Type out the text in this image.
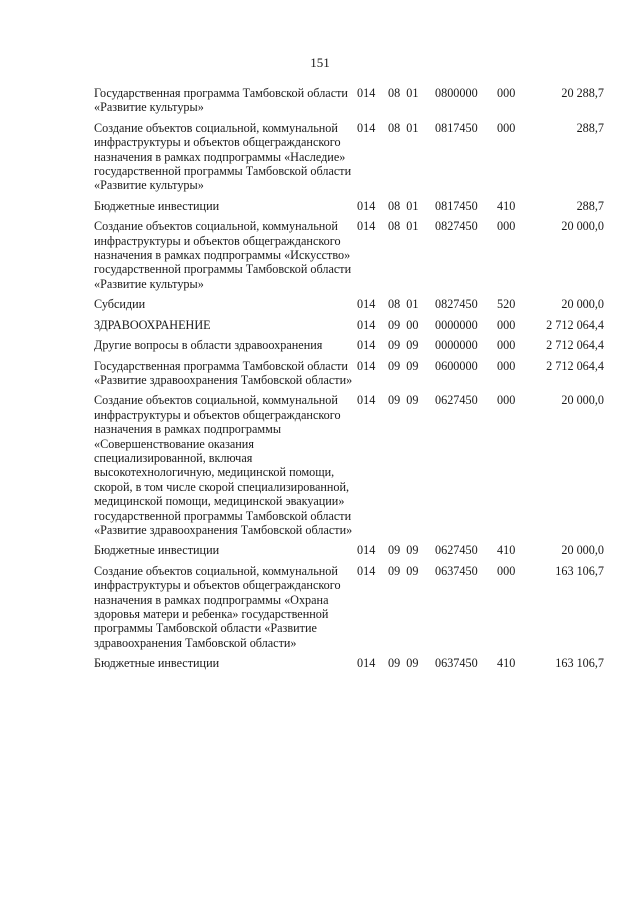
151
Государственная программа Тамбовской области «Развитие культуры»	014	08 01	0800000	000	20 288,7
Создание объектов социальной, коммунальной инфраструктуры и объектов общегражданского назначения в рамках подпрограммы «Наследие» государственной программы Тамбовской области «Развитие культуры»	014	08 01	0817450	000	288,7
Бюджетные инвестиции	014	08 01	0817450	410	288,7
Создание объектов социальной, коммунальной инфраструктуры и объектов общегражданского назначения в рамках подпрограммы «Искусство» государственной программы Тамбовской области «Развитие культуры»	014	08 01	0827450	000	20 000,0
Субсидии	014	08 01	0827450	520	20 000,0
ЗДРАВООХРАНЕНИЕ	014	09 00	0000000	000	2 712 064,4
Другие вопросы в области здравоохранения	014	09 09	0000000	000	2 712 064,4
Государственная программа Тамбовской области «Развитие здравоохранения Тамбовской области»	014	09 09	0600000	000	2 712 064,4
Создание объектов социальной, коммунальной инфраструктуры и объектов общегражданского назначения в рамках подпрограммы «Совершенствование оказания специализированной, включая высокотехнологичную, медицинской помощи, скорой, в том числе скорой специализированной, медицинской помощи, медицинской эвакуации» государственной программы Тамбовской области «Развитие здравоохранения Тамбовской области»	014	09 09	0627450	000	20 000,0
Бюджетные инвестиции	014	09 09	0627450	410	20 000,0
Создание объектов социальной, коммунальной инфраструктуры и объектов общегражданского назначения в рамках подпрограммы «Охрана здоровья матери и ребенка» государственной программы Тамбовской области «Развитие здравоохранения Тамбовской области»	014	09 09	0637450	000	163 106,7
Бюджетные инвестиции	014	09 09	0637450	410	163 106,7
